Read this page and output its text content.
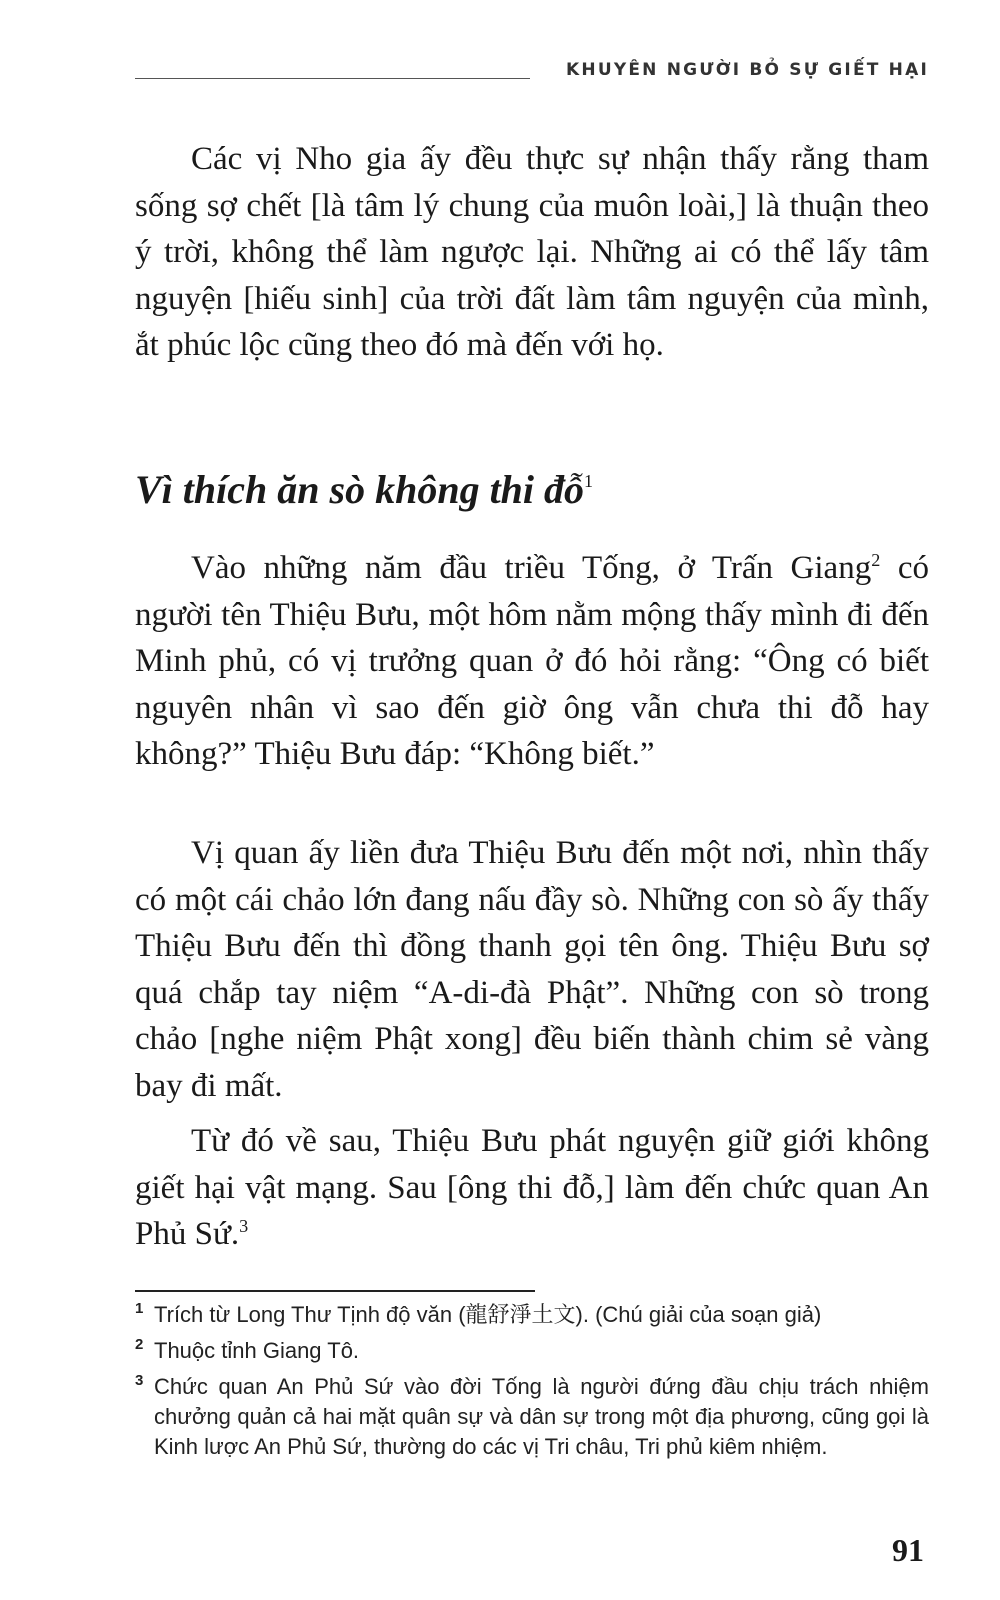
KHUYÊN NGƯỜI BỎ SỰ GIẾT HẠI

Các vị Nho gia ấy đều thực sự nhận thấy rằng tham sống sợ chết [là tâm lý chung của muôn loài,] là thuận theo ý trời, không thể làm ngược lại. Những ai có thể lấy tâm nguyện [hiếu sinh] của trời đất làm tâm nguyện của mình, ắt phúc lộc cũng theo đó mà đến với họ.

Vì thích ăn sò không thi đỗ$^1$

Vào những năm đầu triều Tống, ở Trấn Giang$^2$ có người tên Thiệu Bưu, một hôm nằm mộng thấy mình đi đến Minh phủ, có vị trưởng quan ở đó hỏi rằng: “Ông có biết nguyên nhân vì sao đến giờ ông vẫn chưa thi đỗ hay không?” Thiệu Bưu đáp: “Không biết.”

Vị quan ấy liền đưa Thiệu Bưu đến một nơi, nhìn thấy có một cái chảo lớn đang nấu đầy sò. Những con sò ấy thấy Thiệu Bưu đến thì đồng thanh gọi tên ông. Thiệu Bưu sợ quá chắp tay niệm “A-di-đà Phật”. Những con sò trong chảo [nghe niệm Phật xong] đều biến thành chim sẻ vàng bay đi mất.

Từ đó về sau, Thiệu Bưu phát nguyện giữ giới không giết hại vật mạng. Sau [ông thi đỗ,] làm đến chức quan An Phủ Sứ.$^3$

1 Trích từ Long Thư Tịnh độ văn (龍舒淨土文). (Chú giải của soạn giả)
2 Thuộc tỉnh Giang Tô.
3 Chức quan An Phủ Sứ vào đời Tống là người đứng đầu chịu trách nhiệm chưởng quản cả hai mặt quân sự và dân sự trong một địa phương, cũng gọi là Kinh lược An Phủ Sứ, thường do các vị Tri châu, Tri phủ kiêm nhiệm.
91
